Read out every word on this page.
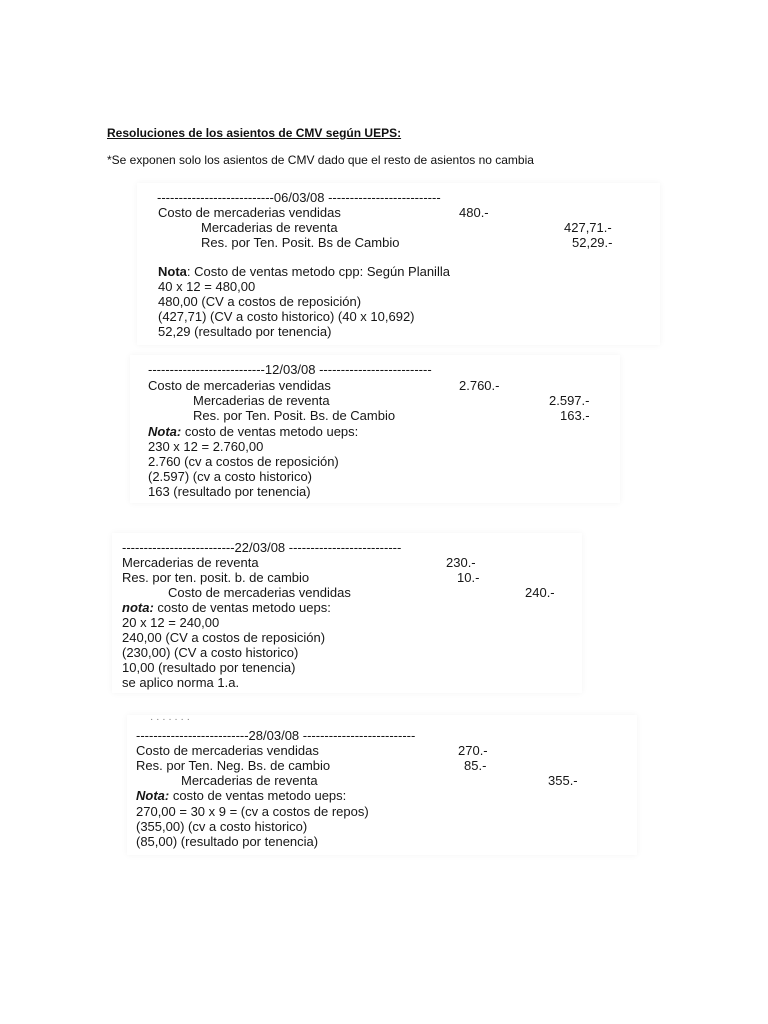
Resoluciones de los asientos de CMV según UEPS:
*Se exponen solo los asientos de CMV dado que el resto de asientos no cambia
---------------------------06/03/08 --------------------------
Costo de mercaderias vendidas	480.-
Mercaderias de reventa	427,71.-
Res. por Ten. Posit. Bs de Cambio	52,29.-
Nota: Costo de ventas metodo cpp: Según Planilla
40 x 12 = 480,00
480,00 (CV a costos de reposición)
(427,71) (CV a costo historico) (40 x 10,692)
52,29 (resultado por tenencia)
---------------------------12/03/08 --------------------------
Costo de mercaderias vendidas	2.760.-
Mercaderias de reventa	2.597.-
Res. por Ten. Posit. Bs. de Cambio	163.-
Nota: costo de ventas metodo ueps:
230 x 12 = 2.760,00
2.760 (cv a costos de reposición)
(2.597) (cv a costo historico)
163 (resultado por tenencia)
--------------------------22/03/08 --------------------------
Mercaderias de reventa	230.-
Res. por ten. posit. b. de cambio	10.-
Costo de mercaderias vendidas	240.-
nota: costo de ventas metodo ueps:
20 x 12 = 240,00
240,00 (CV a costos de reposición)
(230,00) (CV a costo historico)
10,00 (resultado por tenencia)
se aplico norma 1.a.
· · · · · · ·
--------------------------28/03/08 --------------------------
Costo de mercaderias vendidas	270.-
Res. por Ten. Neg. Bs. de cambio	85.-
Mercaderias de reventa	355.-
Nota: costo de ventas metodo ueps:
270,00 = 30 x 9 = (cv a costos de repos)
(355,00) (cv a costo historico)
(85,00) (resultado por tenencia)
